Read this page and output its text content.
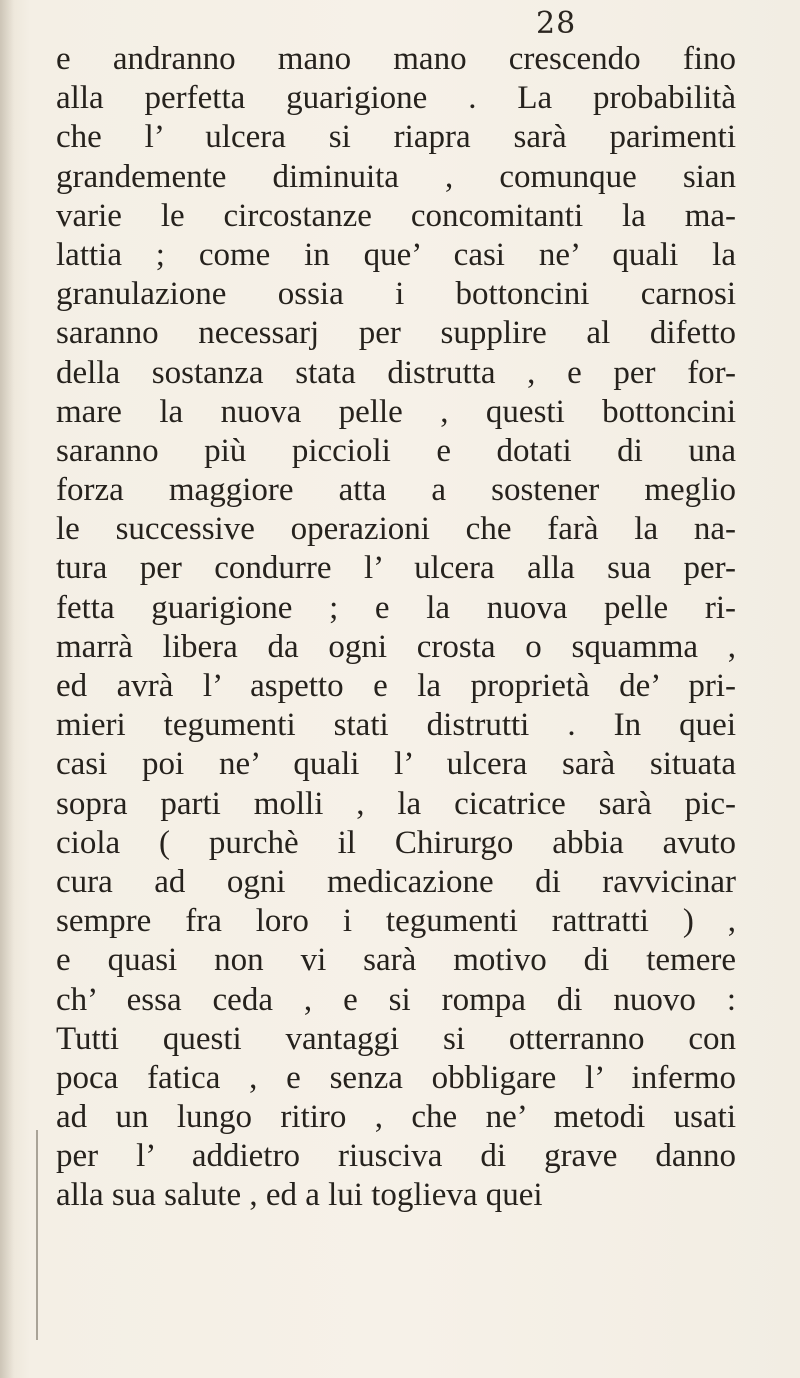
28
e andranno mano mano crescendo fino
alla perfetta guarigione . La probabilità
che l’ ulcera si riapra sarà parimenti
grandemente diminuita , comunque sian
varie le circostanze concomitanti la ma-
lattia ; come in que’ casi ne’ quali la
granulazione ossia i bottoncini carnosi
saranno necessarj per supplire al difetto
della sostanza stata distrutta , e per for-
mare la nuova pelle , questi bottoncini
saranno più piccioli e dotati di una
forza maggiore atta a sostener meglio
le successive operazioni che farà la na-
tura per condurre l’ ulcera alla sua per-
fetta guarigione ; e la nuova pelle ri-
marrà libera da ogni crosta o squamma ,
ed avrà l’ aspetto e la proprietà de’ pri-
mieri tegumenti stati distrutti . In quei
casi poi ne’ quali l’ ulcera sarà situata
sopra parti molli , la cicatrice sarà pic-
ciola ( purchè il Chirurgo abbia avuto
cura ad ogni medicazione di ravvicinar
sempre fra loro i tegumenti rattratti ) ,
e quasi non vi sarà motivo di temere
ch’ essa ceda , e si rompa di nuovo :
Tutti questi vantaggi si otterranno con
poca fatica , e senza obbligare l’ infermo
ad un lungo ritiro , che ne’ metodi usati
per l’ addietro riusciva di grave danno
alla sua salute , ed a lui toglieva quei
